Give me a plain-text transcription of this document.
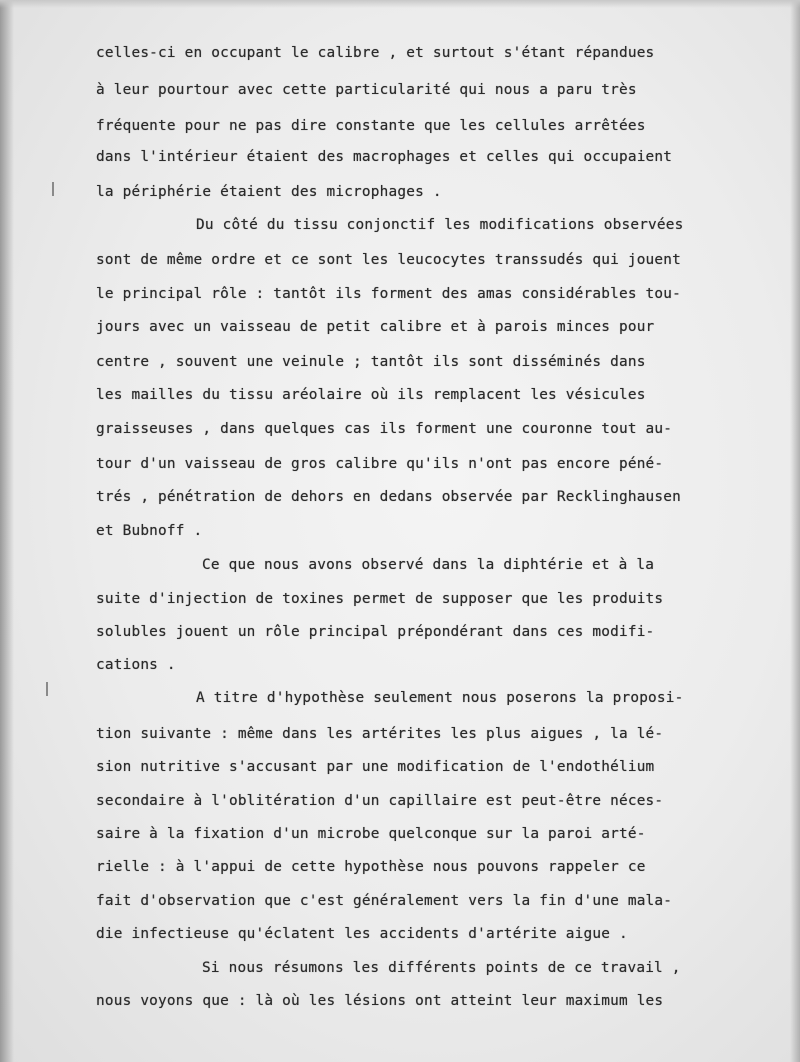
celles-ci en occupant le calibre , et surtout s'étant répandues
à leur pourtour avec cette particularité qui nous a paru très
fréquente pour ne pas dire constante que les cellules arrêtées
dans l'intérieur étaient des macrophages et celles qui occupaient
la périphérie étaient des microphages .
Du côté du tissu conjonctif les modifications observées
sont de même ordre et ce sont les leucocytes transsudés qui jouent
le principal rôle : tantôt ils forment des amas considérables tou-
jours avec un vaisseau de petit calibre et à parois minces pour
centre , souvent une veinule ; tantôt ils sont disséminés dans
les mailles du tissu aréolaire où ils remplacent les vésicules
graisseuses , dans quelques cas ils forment une couronne tout au-
tour d'un vaisseau de gros calibre qu'ils n'ont pas encore péné-
trés , pénétration de dehors en dedans observée par Recklinghausen
et Bubnoff .
Ce que nous avons observé dans la diphtérie et à la
suite d'injection de toxines permet de supposer que les produits
solubles jouent un rôle principal prépondérant dans ces modifi-
cations .
A titre d'hypothèse seulement nous poserons la proposi-
tion suivante : même dans les artérites les plus aigues , la lé-
sion nutritive s'accusant par une modification de l'endothélium
secondaire à l'oblitération d'un capillaire est peut-être néces-
saire à la fixation d'un microbe quelconque sur la paroi arté-
rielle : à l'appui de cette hypothèse nous pouvons rappeler ce
fait d'observation que c'est généralement vers la fin d'une mala-
die infectieuse qu'éclatent les accidents d'artérite aigue .
Si nous résumons les différents points de ce travail ,
nous voyons que : là où les lésions ont atteint leur maximum les
